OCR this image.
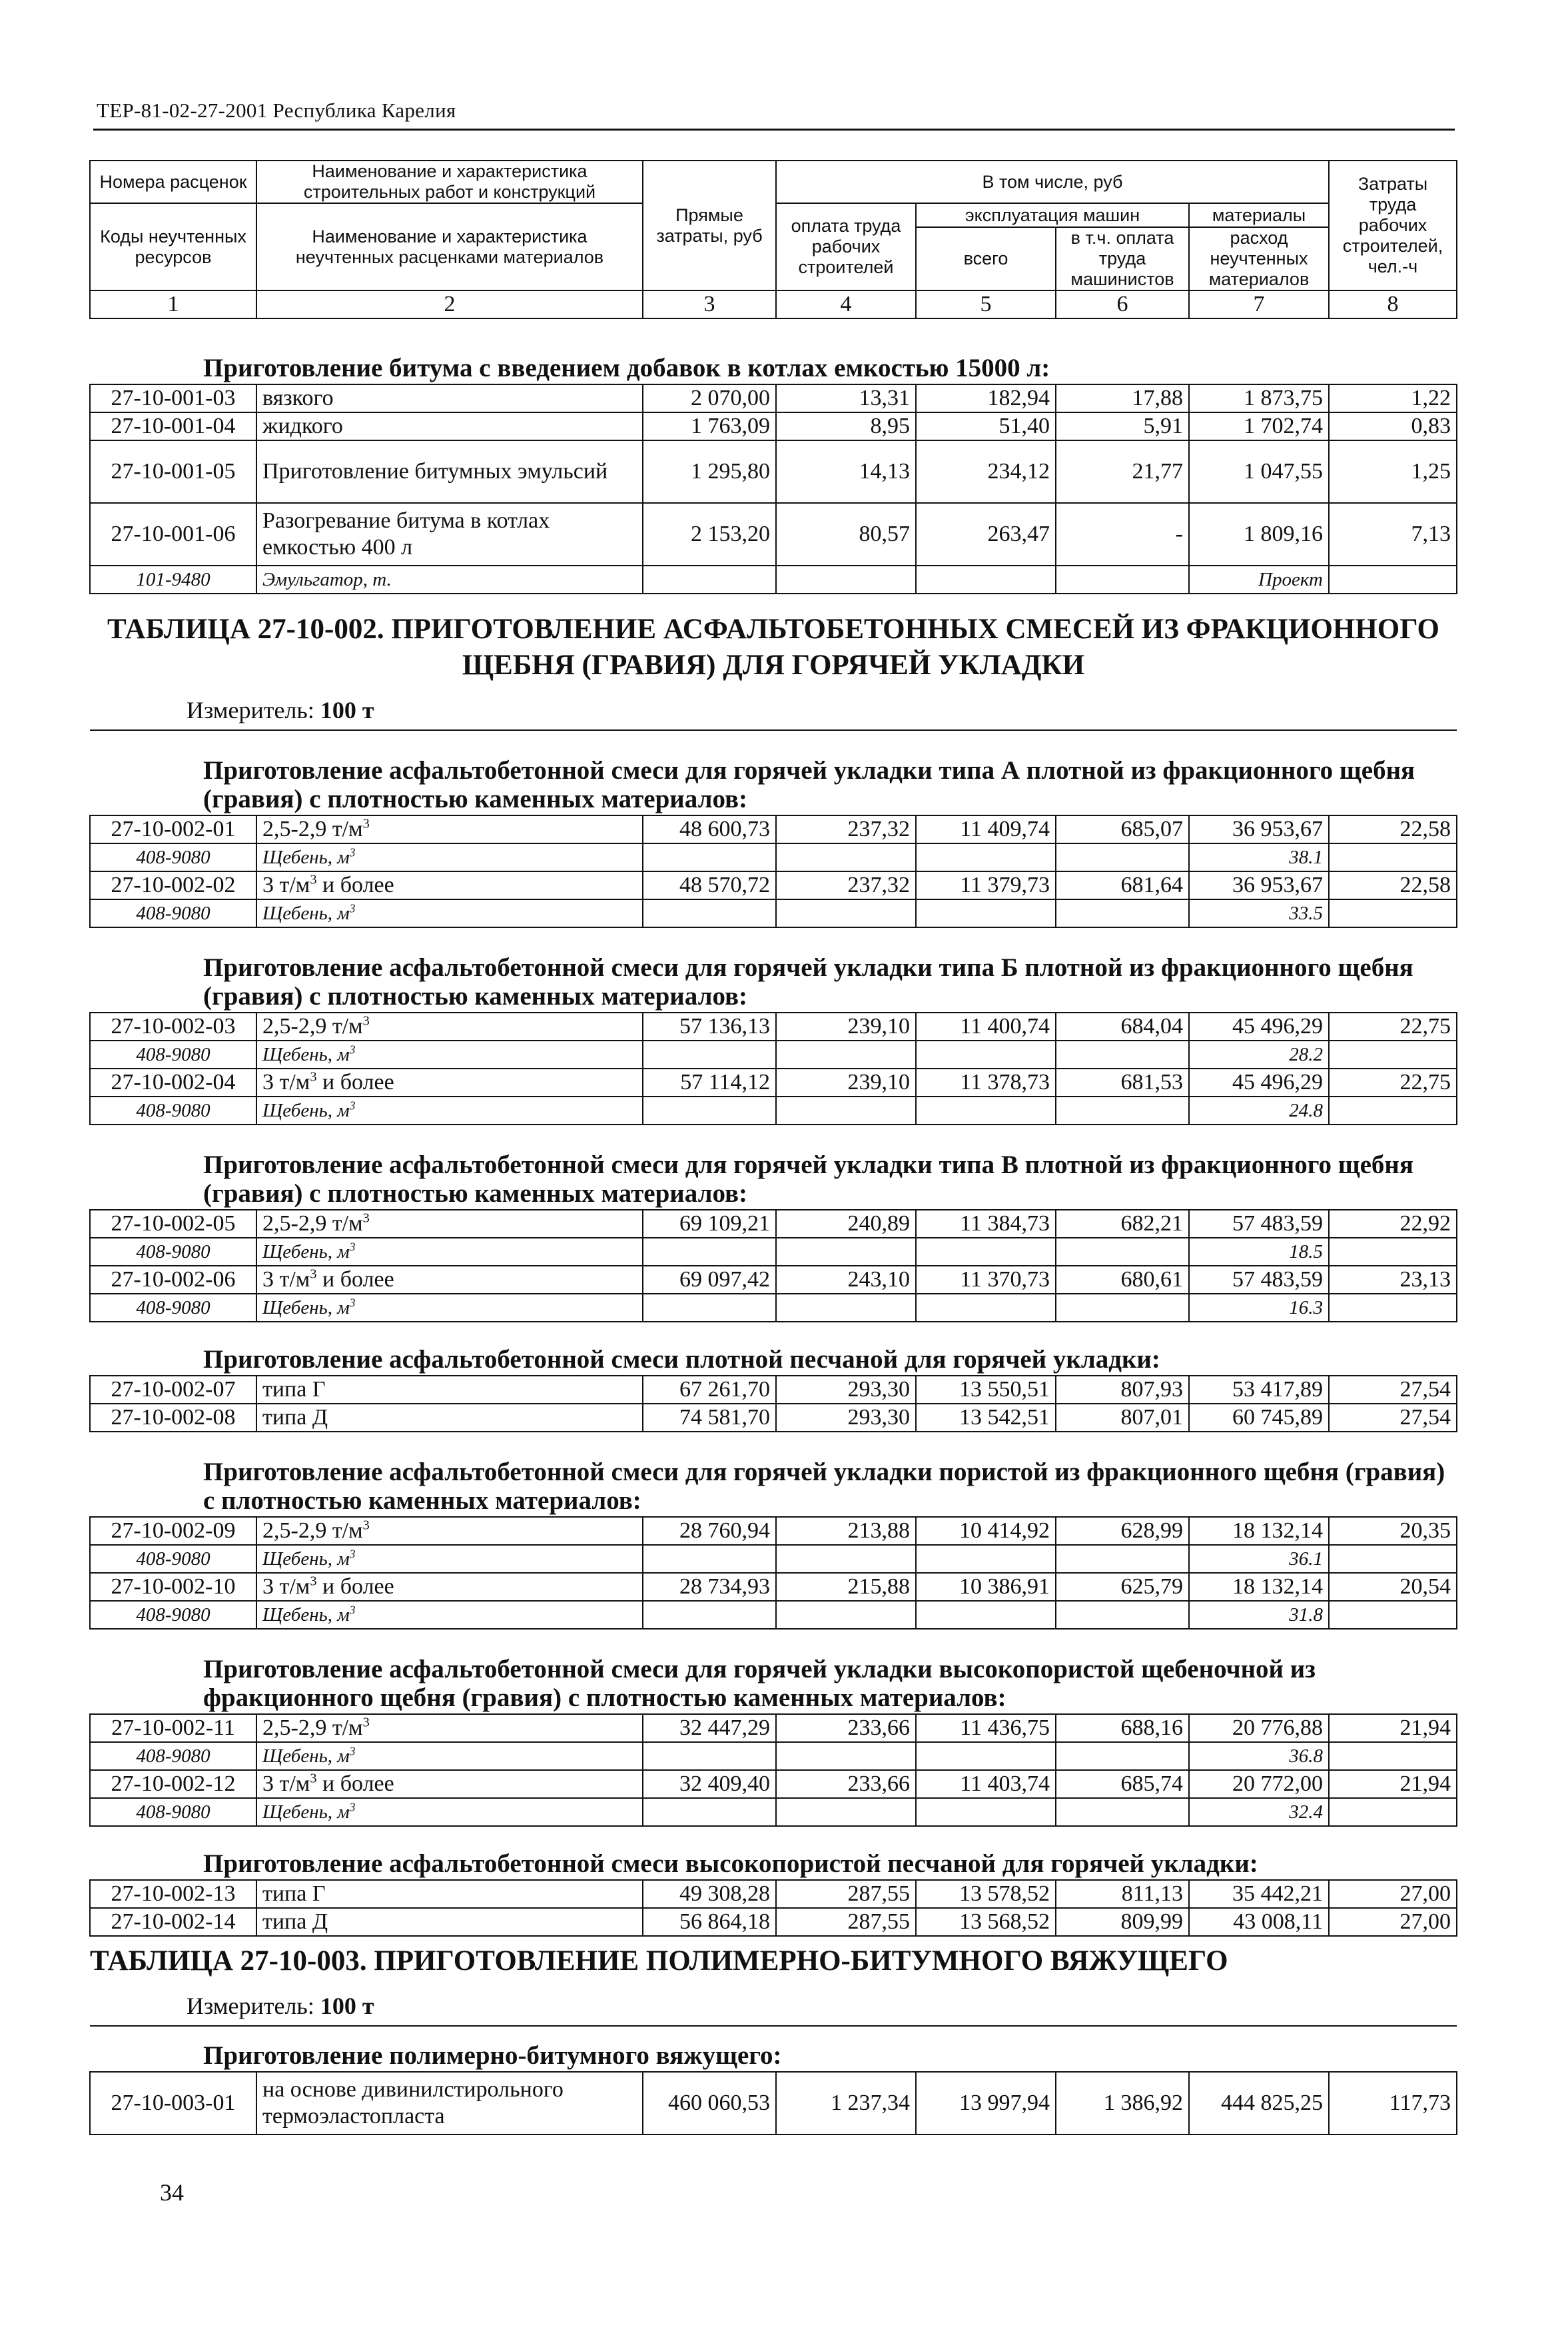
ТЕР-81-02-27-2001 Республика Карелия
Номера расценок	Наименование и характеристика строительных работ и конструкций	Прямые затраты, руб	В том числе, руб				Затраты труда рабочих строителей, чел.-ч
Коды неучтенных ресурсов	Наименование и характеристика неучтенных расценками материалов		оплата труда рабочих строителей	эксплуатация машин		материалы	
				всего	в т.ч. оплата труда машинистов	расход неучтенных материалов	

1	2	3	4	5	6	7	8
Приготовление битума с введением добавок в котлах емкостью 15000 л:							
27-10-001-03	вязкого	2 070,00	13,31	182,94	17,88	1 873,75	1,22
27-10-001-04	жидкого	1 763,09	8,95	51,40	5,91	1 702,74	0,83
27-10-001-05	Приготовление битумных эмульсий	1 295,80	14,13	234,12	21,77	1 047,55	1,25
27-10-001-06	Разогревание битума в котлах емкостью 400 л	2 153,20	80,57	263,47	-	1 809,16	7,13
101-9480	Эмульгатор, т.					Проект	
ТАБЛИЦА 27-10-002. ПРИГОТОВЛЕНИЕ АСФАЛЬТОБЕТОННЫХ СМЕСЕЙ ИЗ ФРАКЦИОННОГО ЩЕБНЯ (ГРАВИЯ) ДЛЯ ГОРЯЧЕЙ УКЛАДКИ							
Измеритель: 100 т							
Приготовление асфальтобетонной смеси для горячей укладки типа А плотной из фракционного щебня (гравия) с плотностью каменных материалов:							
27-10-002-01	2,5-2,9 $т/м^3$	48 600,73	237,32	11 409,74	685,07	36 953,67	22,58
408-9080	Щебень, $м^3$					38.1	
27-10-002-02	3 $т/м^3$ и более	48 570,72	237,32	11 379,73	681,64	36 953,67	22,58
408-9080	Щебень, $м^3$					33.5	
Приготовление асфальтобетонной смеси для горячей укладки типа Б плотной из фракционного щебня (гравия) с плотностью каменных материалов:							
27-10-002-03	2,5-2,9 $т/м^3$	57 136,13	239,10	11 400,74	684,04	45 496,29	22,75
408-9080	Щебень, $м^3$					28.2	
27-10-002-04	3 $т/м^3$ и более	57 114,12	239,10	11 378,73	681,53	45 496,29	22,75
408-9080	Щебень, $м^3$					24.8	
Приготовление асфальтобетонной смеси для горячей укладки типа В плотной из фракционного щебня (гравия) с плотностью каменных материалов:							
27-10-002-05	2,5-2,9 $т/м^3$	69 109,21	240,89	11 384,73	682,21	57 483,59	22,92
408-9080	Щебень, $м^3$					18.5	
27-10-002-06	3 $т/м^3$ и более	69 097,42	243,10	11 370,73	680,61	57 483,59	23,13
408-9080	Щебень, $м^3$					16.3	
Приготовление асфальтобетонной смеси плотной песчаной для горячей укладки:							
27-10-002-07	типа Г	67 261,70	293,30	13 550,51	807,93	53 417,89	27,54
27-10-002-08	типа Д	74 581,70	293,30	13 542,51	807,01	60 745,89	27,54
Приготовление асфальтобетонной смеси для горячей укладки пористой из фракционного щебня (гравия) с плотностью каменных материалов:							
27-10-002-09	2,5-2,9 $т/м^3$	28 760,94	213,88	10 414,92	628,99	18 132,14	20,35
408-9080	Щебень, $м^3$					36.1	
27-10-002-10	3 $т/м^3$ и более	28 734,93	215,88	10 386,91	625,79	18 132,14	20,54
408-9080	Щебень, $м^3$					31.8	
Приготовление асфальтобетонной смеси для горячей укладки высокопористой щебеночной из фракционного щебня (гравия) с плотностью каменных материалов:							
27-10-002-11	2,5-2,9 $т/м^3$	32 447,29	233,66	11 436,75	688,16	20 776,88	21,94
408-9080	Щебень, $м^3$					36.8	
27-10-002-12	3 $т/м^3$ и более	32 409,40	233,66	11 403,74	685,74	20 772,00	21,94
408-9080	Щебень, $м^3$					32.4	
Приготовление асфальтобетонной смеси высокопористой песчаной для горячей укладки:							
27-10-002-13	типа Г	49 308,28	287,55	13 578,52	811,13	35 442,21	27,00
27-10-002-14	типа Д	56 864,18	287,55	13 568,52	809,99	43 008,11	27,00
ТАБЛИЦА 27-10-003. ПРИГОТОВЛЕНИЕ ПОЛИМЕРНО-БИТУМНОГО ВЯЖУЩЕГО							
Измеритель: 100 т							
Приготовление полимерно-битумного вяжущего:							
27-10-003-01	на основе дивинилстирольного термоэластопласта	460 060,53	1 237,34	13 997,94	1 386,92	444 825,25	117,73
34
